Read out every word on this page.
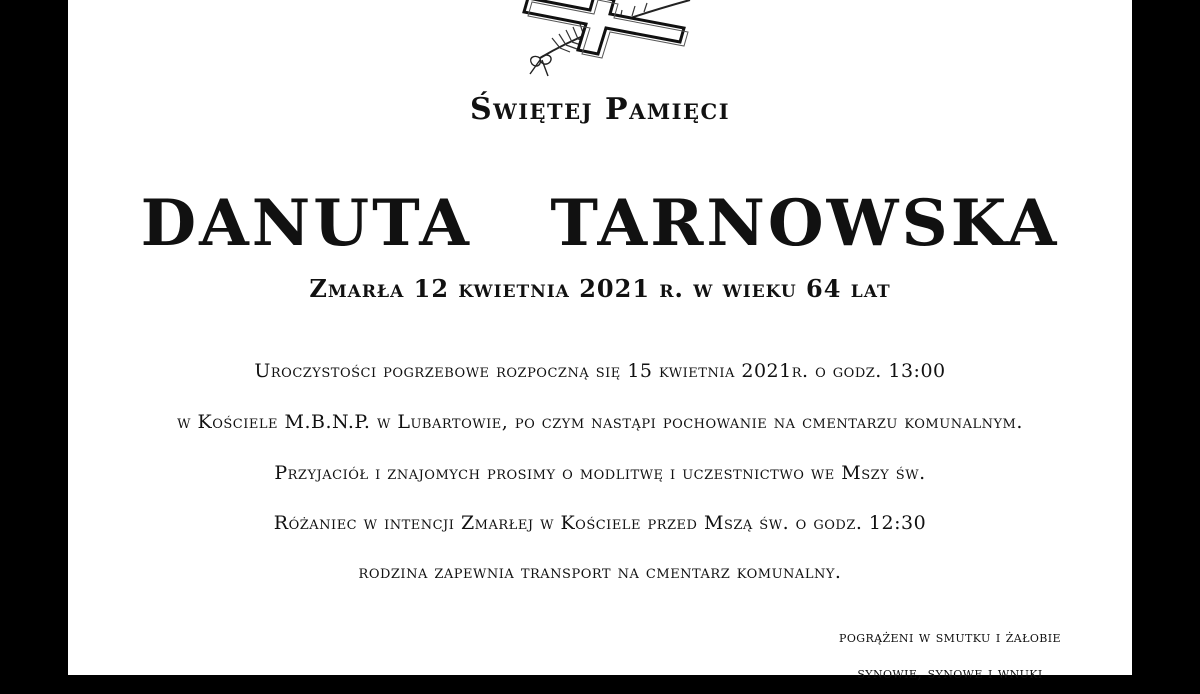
Świętej Pamięci
DANUTA  TARNOWSKA
Zmarła 12 kwietnia 2021 r. w wieku 64 lat
Uroczystości pogrzebowe rozpoczną się 15 kwietnia 2021r. o godz. 13:00
w Kościele M.B.N.P. w Lubartowie, po czym nastąpi pochowanie na cmentarzu komunalnym.
Przyjaciół i znajomych prosimy o modlitwę i uczestnictwo we Mszy św.
Różaniec w intencji Zmarłej w Kościele przed Mszą św. o godz. 12:30
rodzina zapewnia transport na cmentarz komunalny.
pogrążeni w smutku i żałobie
synowie, synowe i wnuki
